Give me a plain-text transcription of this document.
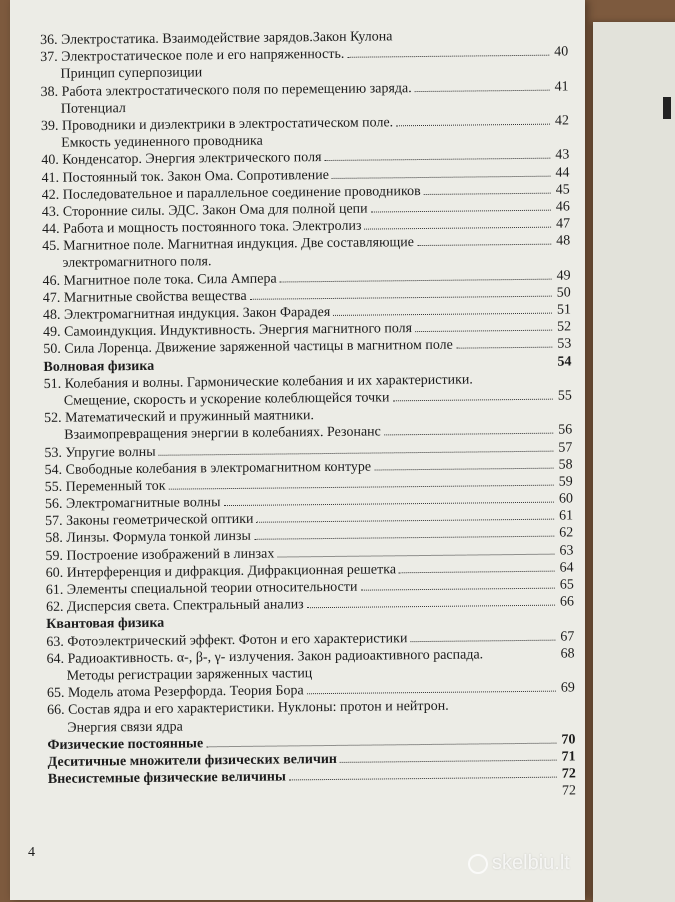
36. Электростатика. Взаимодействие зарядов.Закон Кулона
37. Электростатическое поле и его напряженность.	40
Принцип суперпозиции
38. Работа электростатического поля по перемещению заряда.	41
Потенциал
39. Проводники и диэлектрики в электростатическом поле.	42
Емкость уединенного проводника
40. Конденсатор. Энергия электрического поля	43
41. Постоянный ток. Закон Ома. Сопротивление	44
42. Последовательное и параллельное соединение проводников	45
43. Сторонние силы. ЭДС. Закон Ома для полной цепи	46
44. Работа и мощность постоянного тока. Электролиз	47
45. Магнитное поле. Магнитная индукция. Две составляющие	48
электромагнитного поля.
46. Магнитное поле тока. Сила Ампера	49
47. Магнитные свойства вещества	50
48. Электромагнитная индукция. Закон Фарадея	51
49. Самоиндукция. Индуктивность. Энергия магнитного поля	52
50. Сила Лоренца. Движение заряженной частицы в магнитном поле	53
Волновая физика	54
51. Колебания и волны. Гармонические колебания и их характеристики.
Смещение, скорость и ускорение колеблющейся точки	55
52. Математический и пружинный маятники.
Взаимопревращения энергии в колебаниях. Резонанс	56
53. Упругие волны	57
54. Свободные колебания в электромагнитном контуре	58
55. Переменный ток	59
56. Электромагнитные волны	60
57. Законы геометрической оптики	61
58. Линзы. Формула тонкой линзы	62
59. Построение изображений в линзах	63
60. Интерференция и дифракция. Дифракционная решетка	64
61. Элементы специальной теории относительности	65
62. Дисперсия света. Спектральный анализ	66
Квантовая физика
63. Фотоэлектрический эффект. Фотон и его характеристики	67
64. Радиоактивность. α-, β-, γ- излучения. Закон радиоактивного распада.	68
Методы регистрации заряженных частиц
65. Модель атома Резерфорда. Теория Бора	69
66. Состав ядра и его характеристики. Нуклоны: протон и нейтрон.
Энергия связи ядра
Физические постоянные	70
Деситичные множители физических величин	71
Внесистемные физические величины	72
72
4	skelbiu.lt
